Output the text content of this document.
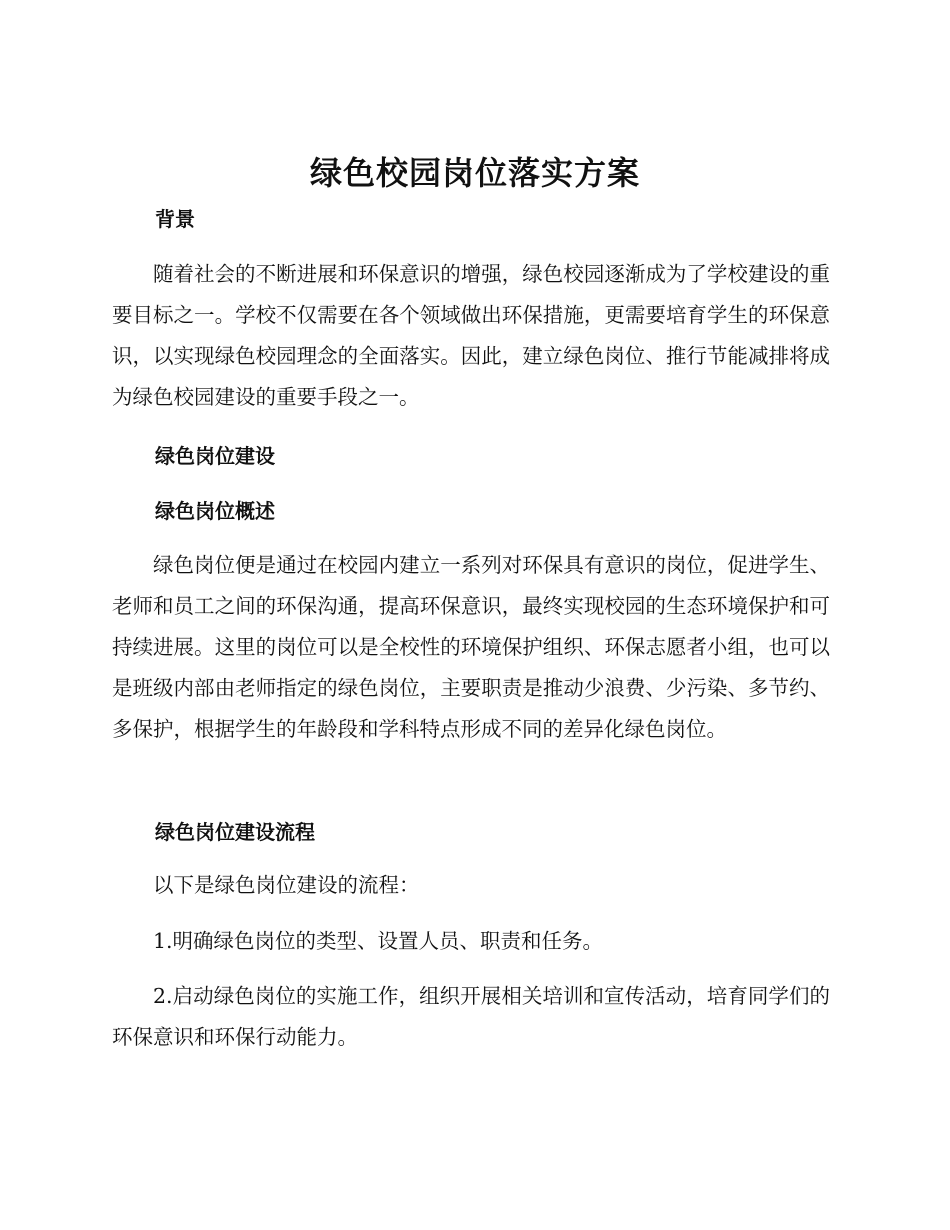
绿色校园岗位落实方案
背景

随着社会的不断进展和环保意识的增强，绿色校园逐渐成为了学校建设的重要目标之一。学校不仅需要在各个领域做出环保措施，更需要培育学生的环保意识，以实现绿色校园理念的全面落实。因此，建立绿色岗位、推行节能减排将成为绿色校园建设的重要手段之一。

绿色岗位建设
绿色岗位概述

绿色岗位便是通过在校园内建立一系列对环保具有意识的岗位，促进学生、老师和员工之间的环保沟通，提高环保意识，最终实现校园的生态环境保护和可持续进展。这里的岗位可以是全校性的环境保护组织、环保志愿者小组，也可以是班级内部由老师指定的绿色岗位，主要职责是推动少浪费、少污染、多节约、多保护，根据学生的年龄段和学科特点形成不同的差异化绿色岗位。

绿色岗位建设流程

以下是绿色岗位建设的流程：

1.明确绿色岗位的类型、设置人员、职责和任务。

2.启动绿色岗位的实施工作，组织开展相关培训和宣传活动，培育同学们的环保意识和环保行动能力。
